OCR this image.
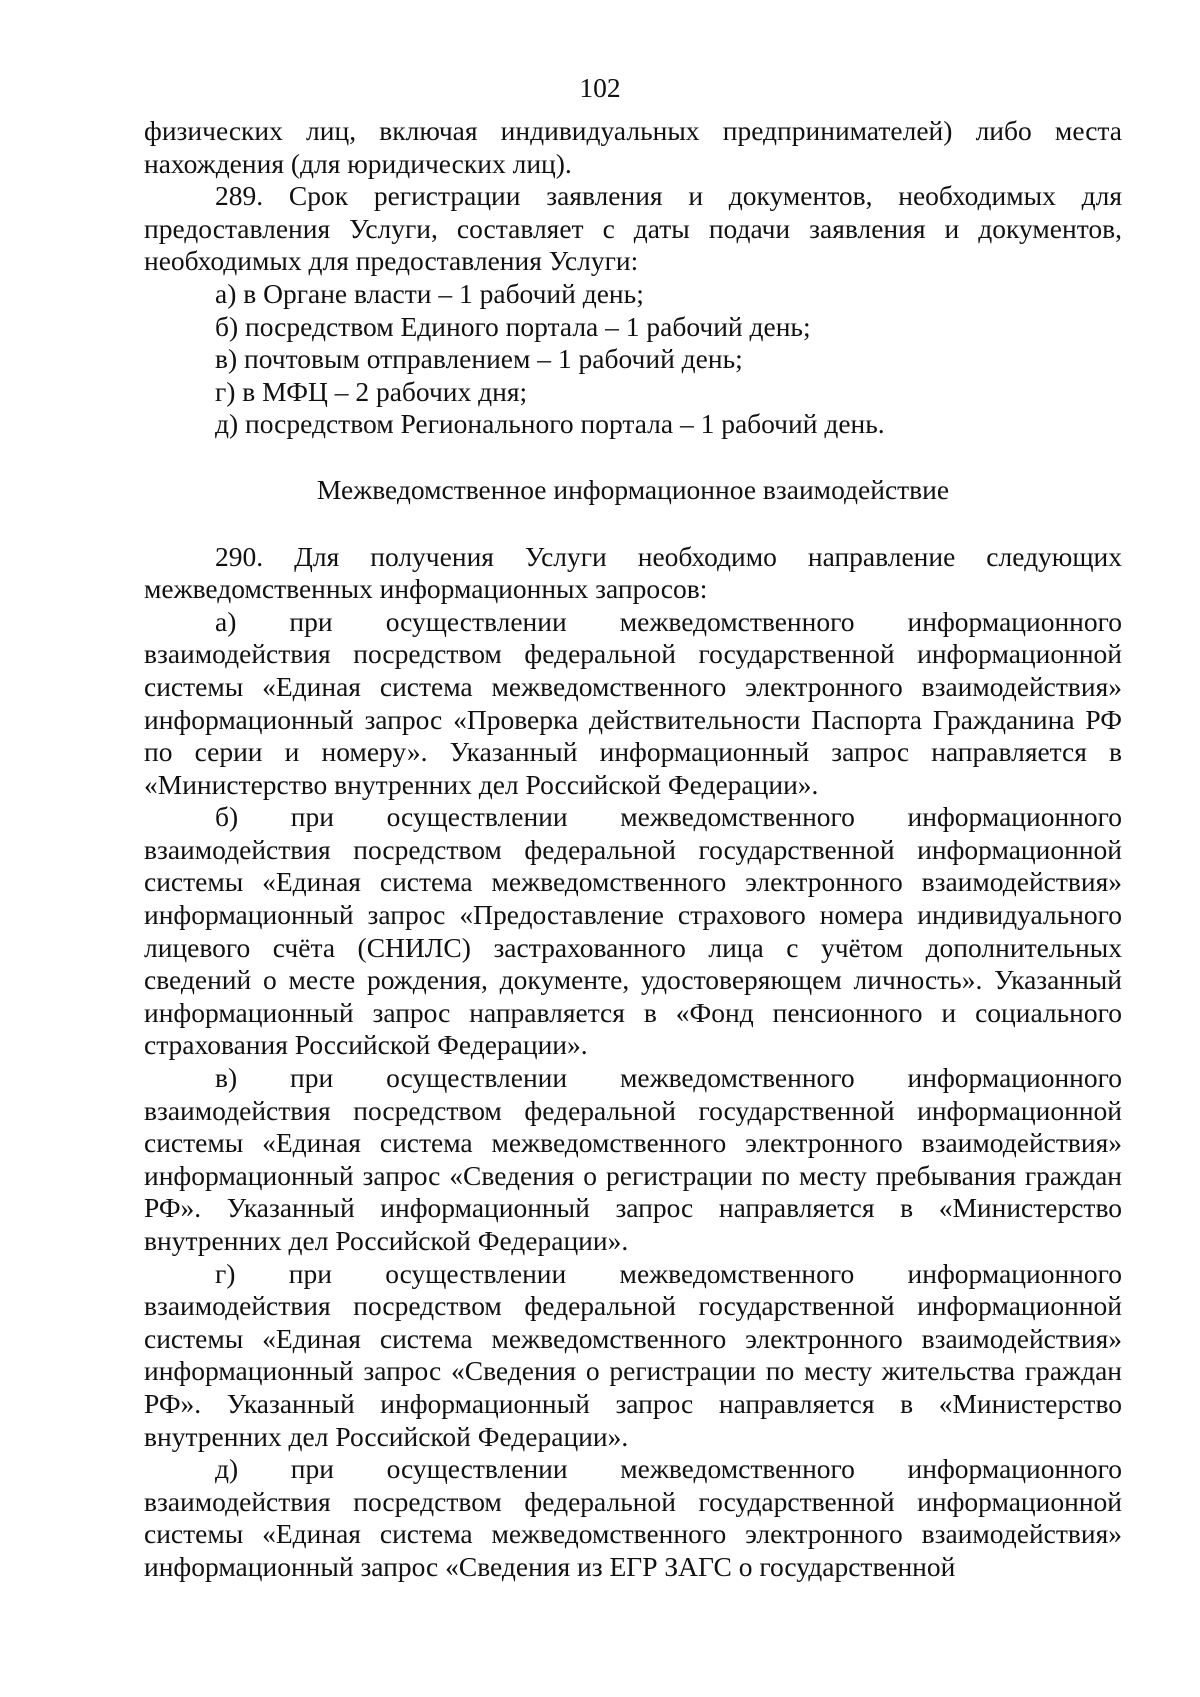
102

физических лиц, включая индивидуальных предпринимателей) либо места нахождения (для юридических лиц).

289. Срок регистрации заявления и документов, необходимых для предоставления Услуги, составляет с даты подачи заявления и документов, необходимых для предоставления Услуги:

а) в Органе власти – 1 рабочий день;

б) посредством Единого портала – 1 рабочий день;

в) почтовым отправлением – 1 рабочий день;

г) в МФЦ – 2 рабочих дня;

д) посредством Регионального портала – 1 рабочий день.

Межведомственное информационное взаимодействие

290. Для получения Услуги необходимо направление следующих межведомственных информационных запросов:

а) при осуществлении межведомственного информационного взаимодействия посредством федеральной государственной информационной системы «Единая система межведомственного электронного взаимодействия» информационный запрос «Проверка действительности Паспорта Гражданина РФ по серии и номеру». Указанный информационный запрос направляется в «Министерство внутренних дел Российской Федерации».

б) при осуществлении межведомственного информационного взаимодействия посредством федеральной государственной информационной системы «Единая система межведомственного электронного взаимодействия» информационный запрос «Предоставление страхового номера индивидуального лицевого счёта (СНИЛС) застрахованного лица с учётом дополнительных сведений о месте рождения, документе, удостоверяющем личность». Указанный информационный запрос направляется в «Фонд пенсионного и социального страхования Российской Федерации».

в) при осуществлении межведомственного информационного взаимодействия посредством федеральной государственной информационной системы «Единая система межведомственного электронного взаимодействия» информационный запрос «Сведения о регистрации по месту пребывания граждан РФ». Указанный информационный запрос направляется в «Министерство внутренних дел Российской Федерации».

г) при осуществлении межведомственного информационного взаимодействия посредством федеральной государственной информационной системы «Единая система межведомственного электронного взаимодействия» информационный запрос «Сведения о регистрации по месту жительства граждан РФ». Указанный информационный запрос направляется в «Министерство внутренних дел Российской Федерации».

д) при осуществлении межведомственного информационного взаимодействия посредством федеральной государственной информационной системы «Единая система межведомственного электронного взаимодействия» информационный запрос «Сведения из ЕГР ЗАГС о государственной
